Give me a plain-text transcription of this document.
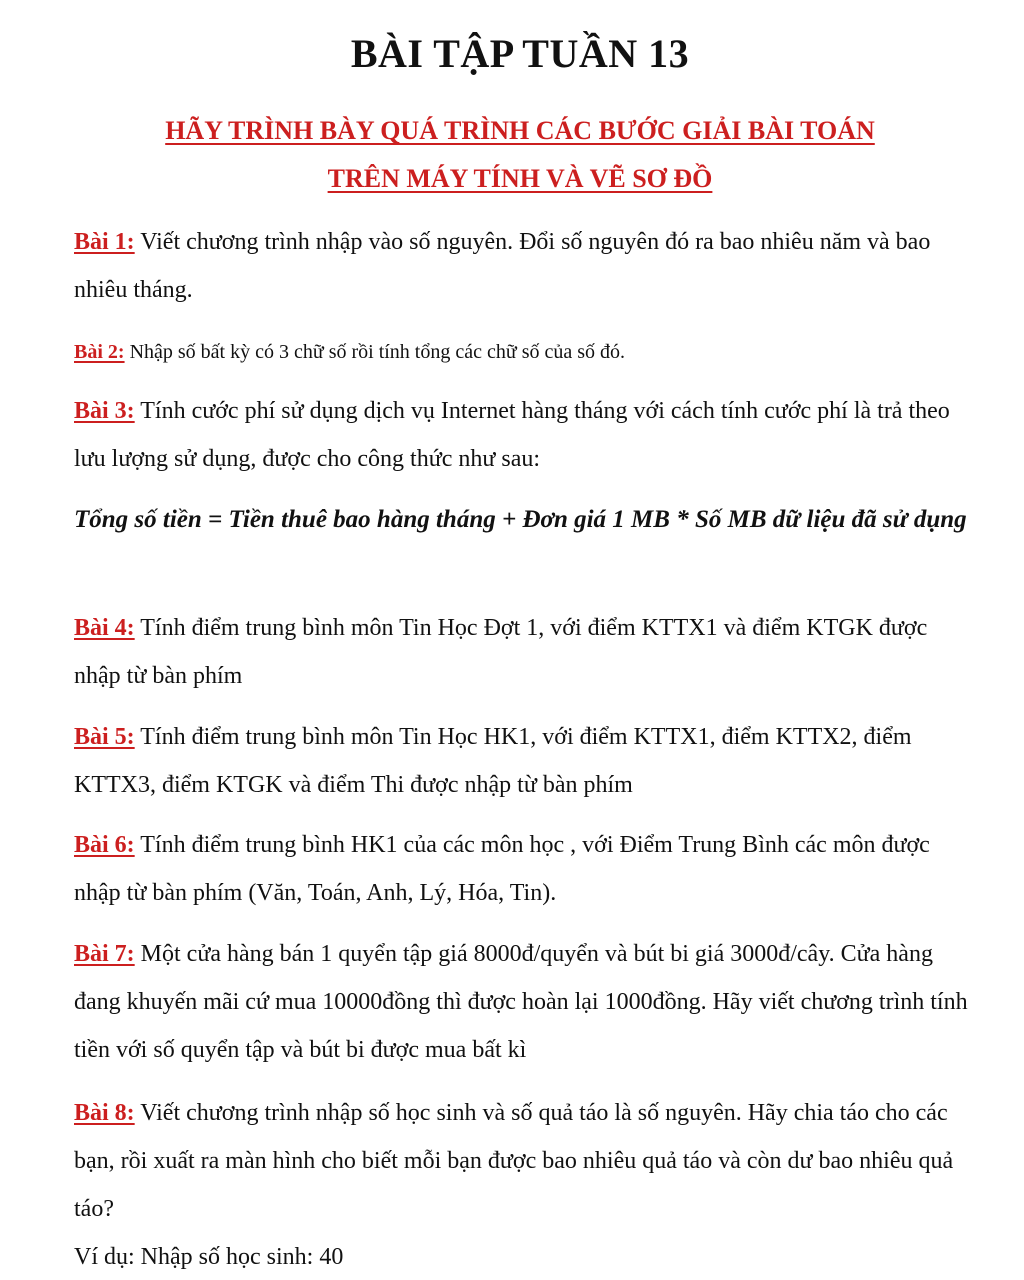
BÀI TẬP TUẦN 13
HÃY TRÌNH BÀY QUÁ TRÌNH CÁC BƯỚC GIẢI BÀI TOÁN
TRÊN MÁY TÍNH VÀ VẼ SƠ ĐỒ

Bài 1: Viết chương trình nhập vào số nguyên. Đổi số nguyên đó ra bao nhiêu năm và bao nhiêu tháng.

Bài 2: Nhập số bất kỳ có 3 chữ số rồi tính tổng các chữ số của số đó.

Bài 3: Tính cước phí sử dụng dịch vụ Internet hàng tháng với cách tính cước phí là trả theo lưu lượng sử dụng, được cho công thức như sau:

Tổng số tiền = Tiền thuê bao hàng tháng + Đơn giá 1 MB * Số MB dữ liệu đã sử dụng

Bài 4: Tính điểm trung bình môn Tin Học Đợt 1, với điểm KTTX1 và điểm KTGK được nhập từ bàn phím

Bài 5: Tính điểm trung bình môn Tin Học HK1, với điểm KTTX1, điểm KTTX2, điểm KTTX3, điểm KTGK và điểm Thi được nhập từ bàn phím

Bài 6: Tính điểm trung bình HK1 của các môn học , với Điểm Trung Bình các môn được nhập từ bàn phím (Văn, Toán, Anh, Lý, Hóa, Tin).

Bài 7: Một cửa hàng bán 1 quyển tập giá 8000đ/quyển và bút bi giá 3000đ/cây. Cửa hàng đang khuyến mãi cứ mua 10000đồng thì được hoàn lại 1000đồng. Hãy viết chương trình tính tiền với số quyển tập và bút bi được mua bất kì

Bài 8: Viết chương trình nhập số học sinh và số quả táo là số nguyên. Hãy chia táo cho các bạn, rồi xuất ra màn hình cho biết mỗi bạn được bao nhiêu quả táo và còn dư bao nhiêu quả táo?

Ví dụ: Nhập số học sinh: 40
